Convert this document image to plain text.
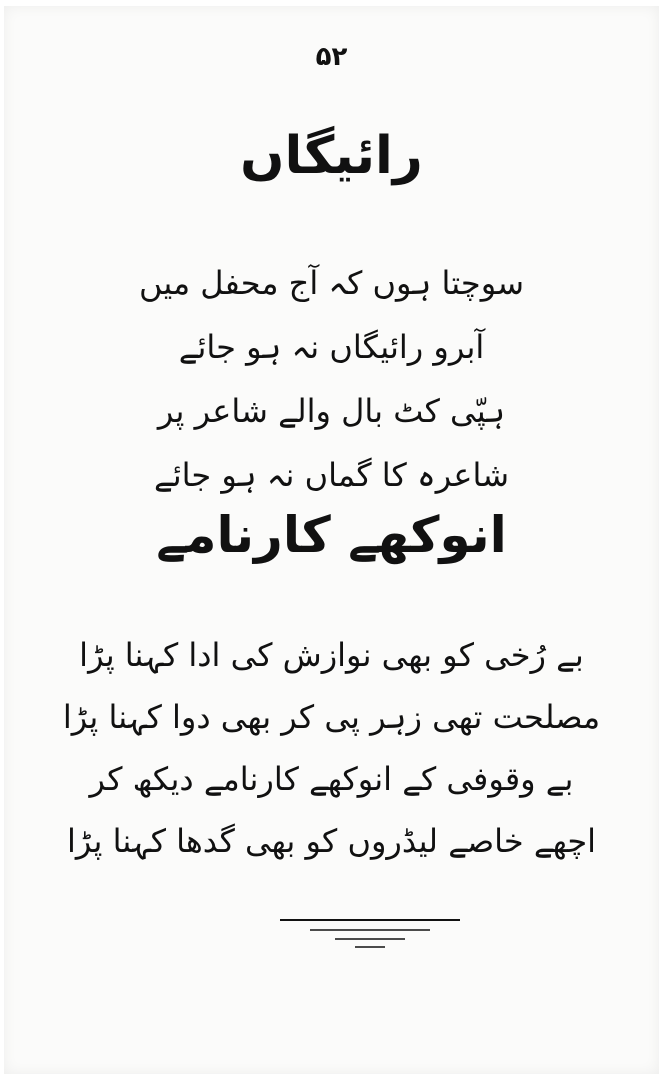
۵۲
رائیگاں
سوچتا ہوں کہ آج محفل میں
آبرو رائیگاں نہ ہو جائے
ہپّی کٹ بال والے شاعر پر
شاعرہ کا گماں نہ ہو جائے
انوکھے کارنامے
بے رُخی کو بھی نوازش کی ادا کہنا پڑا
مصلحت تھی زہر پی کر بھی دوا کہنا پڑا
بے وقوفی کے انوکھے کارنامے دیکھ کر
اچھے خاصے لیڈروں کو بھی گدھا کہنا پڑا
